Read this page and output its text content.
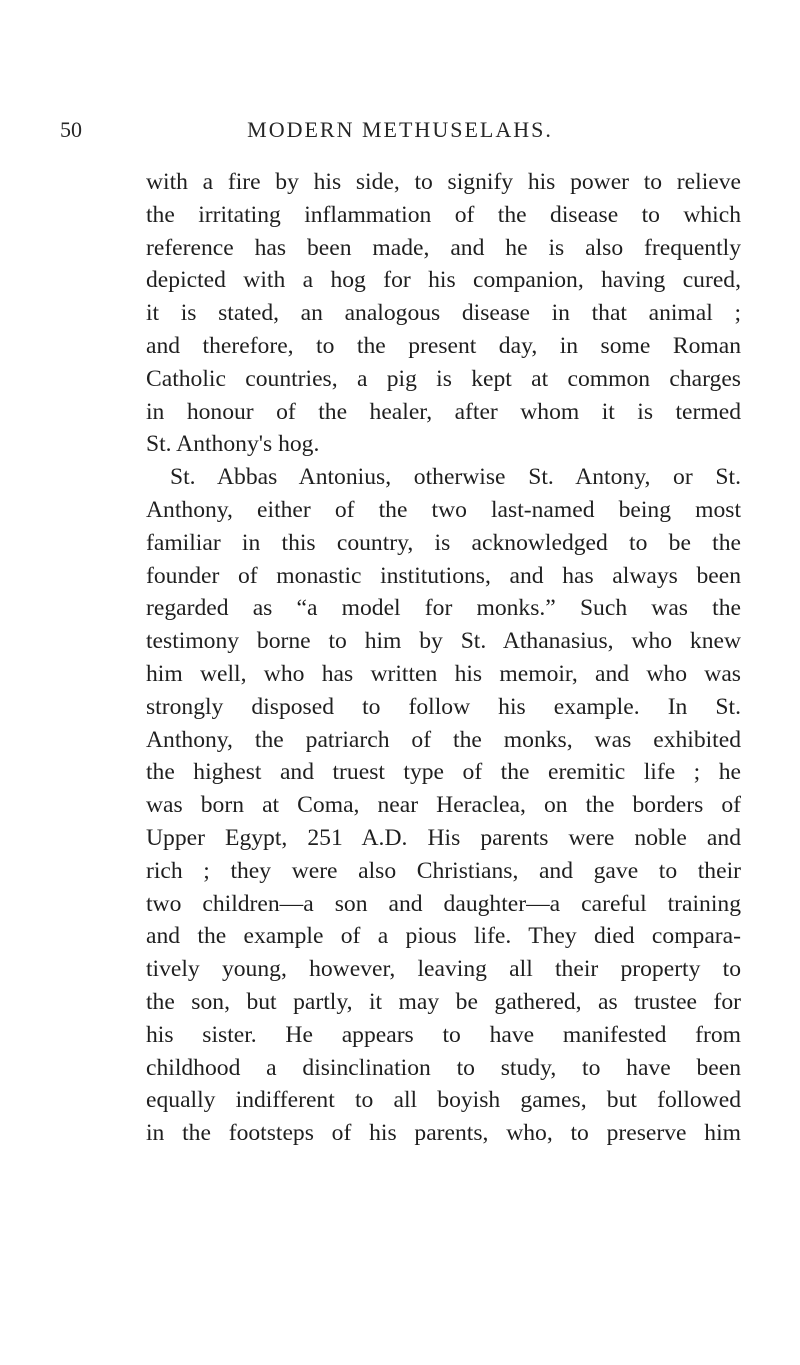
50	MODERN METHUSELAHS.
with a fire by his side, to signify his power to relieve
the irritating inflammation of the disease to which
reference has been made, and he is also frequently
depicted with a hog for his companion, having cured,
it is stated, an analogous disease in that animal ;
and therefore, to the present day, in some Roman
Catholic countries, a pig is kept at common charges
in honour of the healer, after whom it is termed
St. Anthony's hog.
St. Abbas Antonius, otherwise St. Antony, or St.
Anthony, either of the two last-named being most
familiar in this country, is acknowledged to be the
founder of monastic institutions, and has always been
regarded as “a model for monks.” Such was the
testimony borne to him by St. Athanasius, who knew
him well, who has written his memoir, and who was
strongly disposed to follow his example. In St.
Anthony, the patriarch of the monks, was exhibited
the highest and truest type of the eremitic life ; he
was born at Coma, near Heraclea, on the borders of
Upper Egypt, 251 A.D. His parents were noble and
rich ; they were also Christians, and gave to their
two children—a son and daughter—a careful training
and the example of a pious life. They died compara-
tively young, however, leaving all their property to
the son, but partly, it may be gathered, as trustee for
his sister. He appears to have manifested from
childhood a disinclination to study, to have been
equally indifferent to all boyish games, but followed
in the footsteps of his parents, who, to preserve him
